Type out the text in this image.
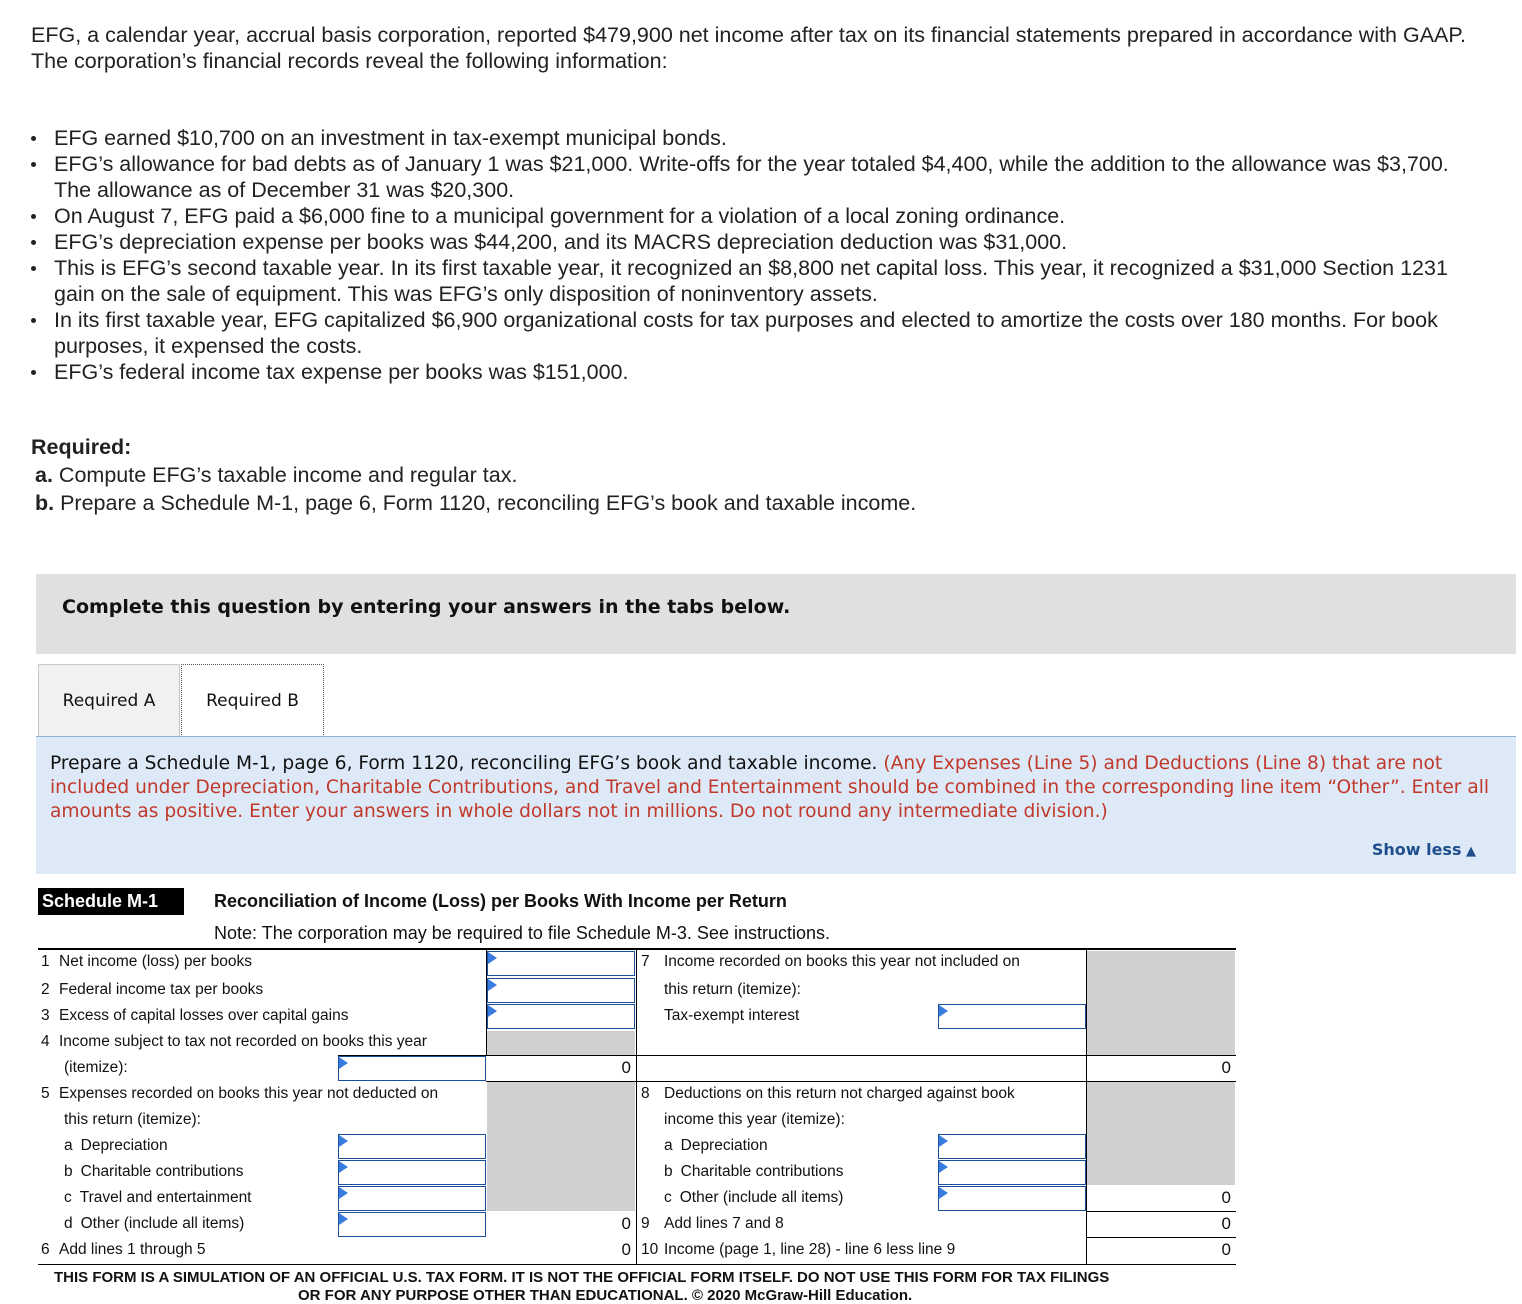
EFG, a calendar year, accrual basis corporation, reported $479,900 net income after tax on its financial statements prepared in accordance with GAAP. The corporation’s financial records reveal the following information:
EFG earned $10,700 on an investment in tax-exempt municipal bonds.
EFG’s allowance for bad debts as of January 1 was $21,000. Write-offs for the year totaled $4,400, while the addition to the allowance was $3,700. The allowance as of December 31 was $20,300.
On August 7, EFG paid a $6,000 fine to a municipal government for a violation of a local zoning ordinance.
EFG’s depreciation expense per books was $44,200, and its MACRS depreciation deduction was $31,000.
This is EFG’s second taxable year. In its first taxable year, it recognized an $8,800 net capital loss. This year, it recognized a $31,000 Section 1231 gain on the sale of equipment. This was EFG’s only disposition of noninventory assets.
In its first taxable year, EFG capitalized $6,900 organizational costs for tax purposes and elected to amortize the costs over 180 months. For book purposes, it expensed the costs.
EFG’s federal income tax expense per books was $151,000.
Required:
a. Compute EFG’s taxable income and regular tax.
b. Prepare a Schedule M-1, page 6, Form 1120, reconciling EFG’s book and taxable income.
Complete this question by entering your answers in the tabs below.
Required A	Required B

Prepare a Schedule M-1, page 6, Form 1120, reconciling EFG’s book and taxable income. (Any Expenses (Line 5) and Deductions (Line 8) that are not included under Depreciation, Charitable Contributions, and Travel and Entertainment should be combined in the corresponding line item “Other”. Enter all amounts as positive. Enter your answers in whole dollars not in millions. Do not round any intermediate division.)

Show less ▲
Schedule M-1	Reconciliation of Income (Loss) per Books With Income per Return
Note: The corporation may be required to file Schedule M-3. See instructions.
1 Net income (loss) per books
2 Federal income tax per books
3 Excess of capital losses over capital gains
4 Income subject to tax not recorded on books this year
(itemize):	0
5 Expenses recorded on books this year not deducted on
this return (itemize):
a Depreciation
b Charitable contributions
c Travel and entertainment
d Other (include all items)	0
6 Add lines 1 through 5	0
7 Income recorded on books this year not included on
this return (itemize):
Tax-exempt interest
0
8 Deductions on this return not charged against book
income this year (itemize):
a Depreciation
b Charitable contributions
c Other (include all items)	0
9 Add lines 7 and 8	0
10 Income (page 1, line 28) - line 6 less line 9	0
THIS FORM IS A SIMULATION OF AN OFFICIAL U.S. TAX FORM. IT IS NOT THE OFFICIAL FORM ITSELF. DO NOT USE THIS FORM FOR TAX FILINGS
OR FOR ANY PURPOSE OTHER THAN EDUCATIONAL. © 2020 McGraw-Hill Education.
